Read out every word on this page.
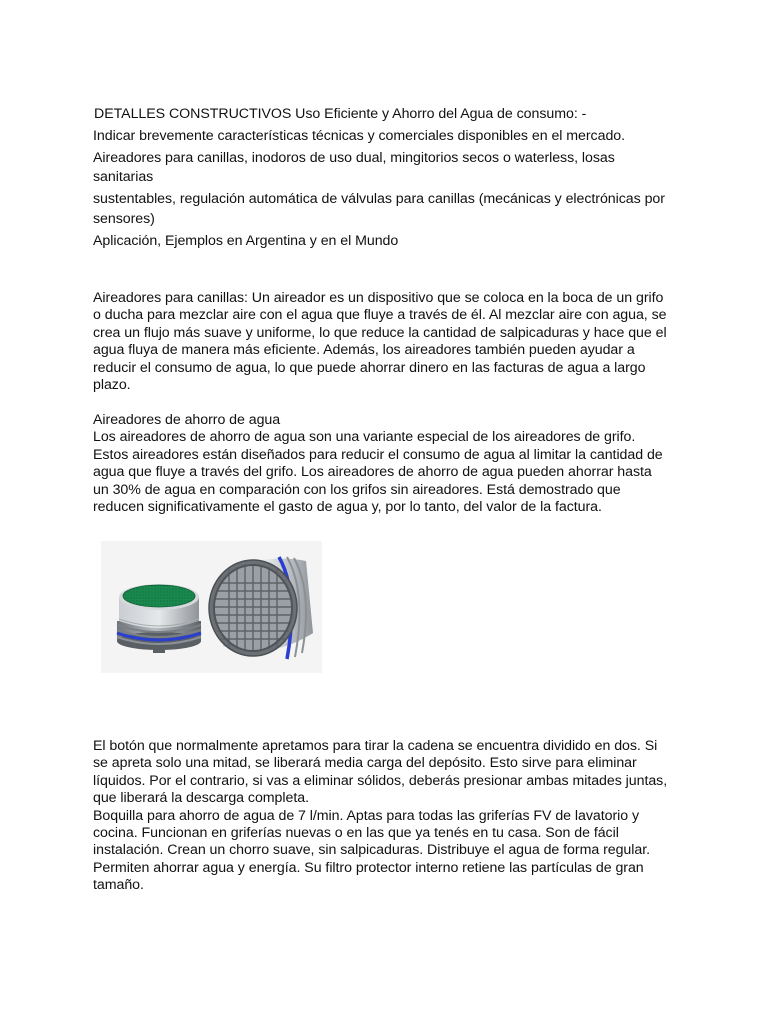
DETALLES CONSTRUCTIVOS Uso Eficiente y Ahorro del Agua de consumo: -

Indicar brevemente características técnicas y comerciales disponibles en el mercado.

Aireadores para canillas, inodoros de uso dual, mingitorios secos o waterless, losas

sanitarias

sustentables, regulación automática de válvulas para canillas (mecánicas y electrónicas por

sensores)

Aplicación, Ejemplos en Argentina y en el Mundo

Aireadores para canillas: Un aireador es un dispositivo que se coloca en la boca de un grifo

o ducha para mezclar aire con el agua que fluye a través de él. Al mezclar aire con agua, se

crea un flujo más suave y uniforme, lo que reduce la cantidad de salpicaduras y hace que el

agua fluya de manera más eficiente. Además, los aireadores también pueden ayudar a

reducir el consumo de agua, lo que puede ahorrar dinero en las facturas de agua a largo

plazo.

Aireadores de ahorro de agua

Los aireadores de ahorro de agua son una variante especial de los aireadores de grifo.

Estos aireadores están diseñados para reducir el consumo de agua al limitar la cantidad de

agua que fluye a través del grifo. Los aireadores de ahorro de agua pueden ahorrar hasta

un 30% de agua en comparación con los grifos sin aireadores. Está demostrado que

reducen significativamente el gasto de agua y, por lo tanto, del valor de la factura.

El botón que normalmente apretamos para tirar la cadena se encuentra dividido en dos. Si

se apreta solo una mitad, se liberará media carga del depósito. Esto sirve para eliminar

líquidos. Por el contrario, si vas a eliminar sólidos, deberás presionar ambas mitades juntas,

que liberará la descarga completa.

Boquilla para ahorro de agua de 7 l/min. Aptas para todas las griferías FV de lavatorio y

cocina. Funcionan en griferías nuevas o en las que ya tenés en tu casa. Son de fácil

instalación. Crean un chorro suave, sin salpicaduras. Distribuye el agua de forma regular.

Permiten ahorrar agua y energía. Su filtro protector interno retiene las partículas de gran

tamaño.
